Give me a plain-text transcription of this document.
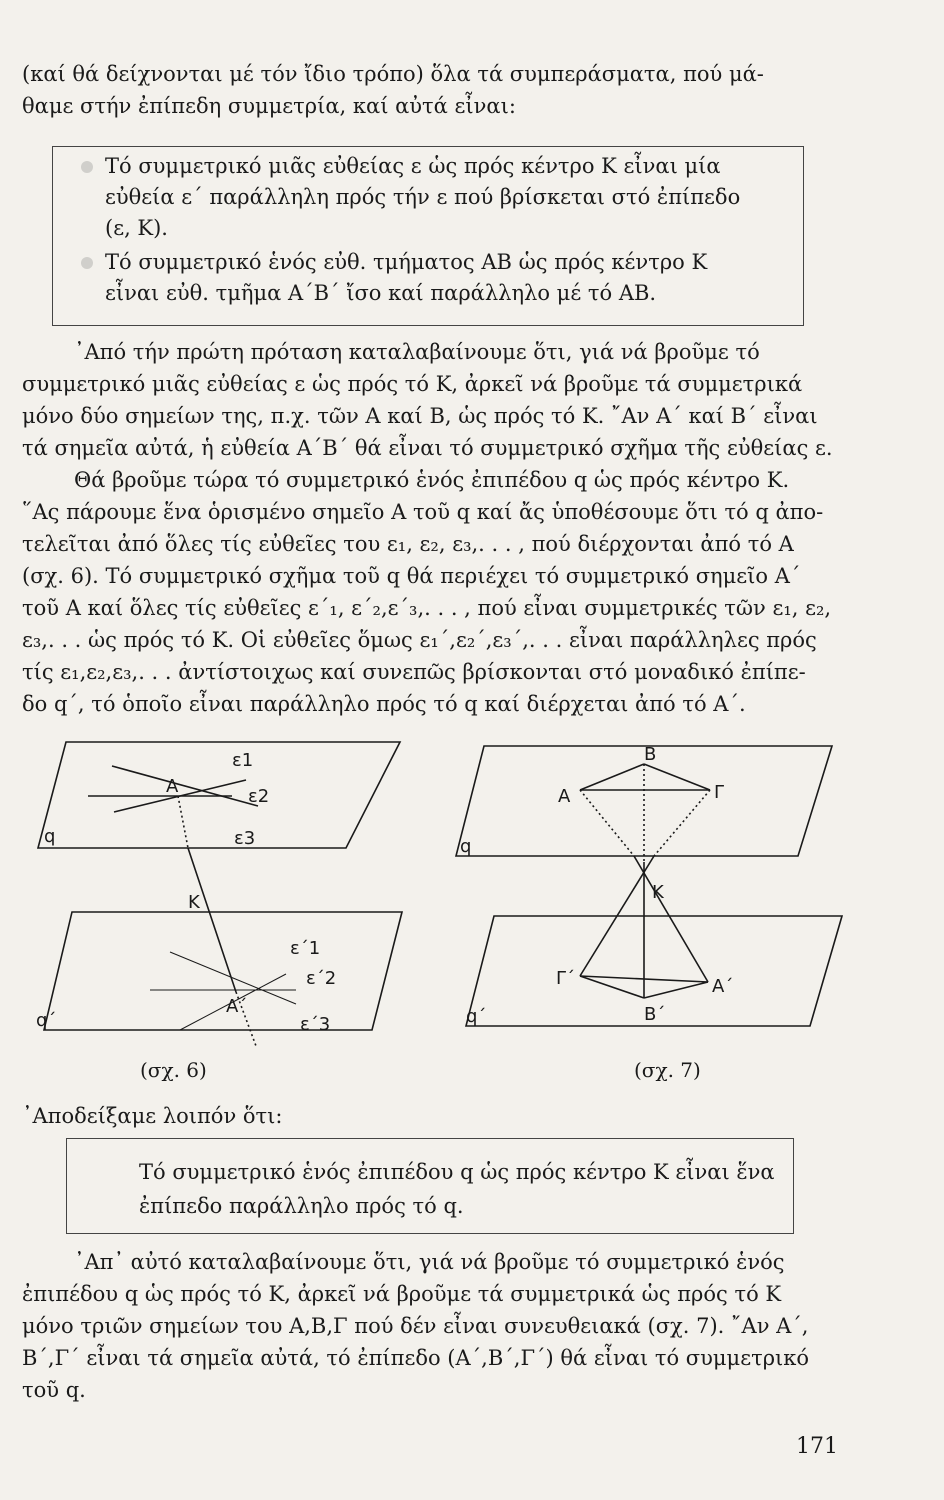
(καί θά δείχνονται μέ τόν ἴδιο τρόπο) ὅλα τά συμπεράσματα, πού μά-
θαμε στήν ἐπίπεδη συμμετρία, καί αὐτά εἶναι:
Τό συμμετρικό μιᾶς εὐθείας ε ὡς πρός κέντρο Κ εἶναι μία
εὐθεία ε΄ παράλληλη πρός τήν ε πού βρίσκεται στό ἐπίπεδο
(ε, Κ).
Τό συμμετρικό ἑνός εὐθ. τμήματος ΑΒ ὡς πρός κέντρο Κ
εἶναι εὐθ. τμῆμα Α΄Β΄ ἴσο καί παράλληλο μέ τό ΑΒ.
᾿Από τήν πρώτη πρόταση καταλαβαίνουμε ὅτι, γιά νά βροῦμε τό
συμμετρικό μιᾶς εὐθείας ε ὡς πρός τό Κ, ἀρκεῖ νά βροῦμε τά συμμετρικά
μόνο δύο σημείων της, π.χ. τῶν Α καί Β, ὡς πρός τό Κ. ῎Αν Α΄ καί Β΄ εἶναι
τά σημεῖα αὐτά, ἡ εὐθεία Α΄Β΄ θά εἶναι τό συμμετρικό σχῆμα τῆς εὐθείας ε.
Θά βροῦμε τώρα τό συμμετρικό ἑνός ἐπιπέδου q ὡς πρός κέντρο Κ.
῞Ας πάρουμε ἕνα ὁρισμένο σημεῖο Α τοῦ q καί ἄς ὑποθέσουμε ὅτι τό q ἀπο-
τελεῖται ἀπό ὅλες τίς εὐθεῖες του ε₁, ε₂, ε₃,. . . , πού διέρχονται ἀπό τό Α
(σχ. 6). Τό συμμετρικό σχῆμα τοῦ q θά περιέχει τό συμμετρικό σημεῖο Α΄
τοῦ Α καί ὅλες τίς εὐθεῖες ε΄₁, ε΄₂,ε΄₃,. . . , πού εἶναι συμμετρικές τῶν ε₁, ε₂,
ε₃,. . . ὡς πρός τό Κ. Οἱ εὐθεῖες ὅμως ε₁΄,ε₂΄,ε₃΄,. . . εἶναι παράλληλες πρός
τίς ε₁,ε₂,ε₃,. . . ἀντίστοιχως καί συνεπῶς βρίσκονται στό μοναδικό ἐπίπε-
δο q΄, τό ὁποῖο εἶναι παράλληλο πρός τό q καί διέρχεται ἀπό τό Α΄.
ε1
ε2
Α
ε3
q
Κ
ε΄1
ε΄2
Α΄
ε΄3
q΄
Β
Α	Γ
q
Κ
Γ΄	Α΄
Β΄
q΄
(σχ. 6)	(σχ. 7)
᾿Αποδείξαμε λοιπόν ὅτι:
Τό συμμετρικό ἑνός ἐπιπέδου q ὡς πρός κέντρο Κ εἶναι ἕνα
ἐπίπεδο παράλληλο πρός τό q.
᾿Απ᾿ αὐτό καταλαβαίνουμε ὅτι, γιά νά βροῦμε τό συμμετρικό ἑνός
ἐπιπέδου q ὡς πρός τό Κ, ἀρκεῖ νά βροῦμε τά συμμετρικά ὡς πρός τό Κ
μόνο τριῶν σημείων του Α,Β,Γ πού δέν εἶναι συνευθειακά (σχ. 7). ῎Αν Α΄,
Β΄,Γ΄ εἶναι τά σημεῖα αὐτά, τό ἐπίπεδο (Α΄,Β΄,Γ΄) θά εἶναι τό συμμετρικό
τοῦ q.
171
